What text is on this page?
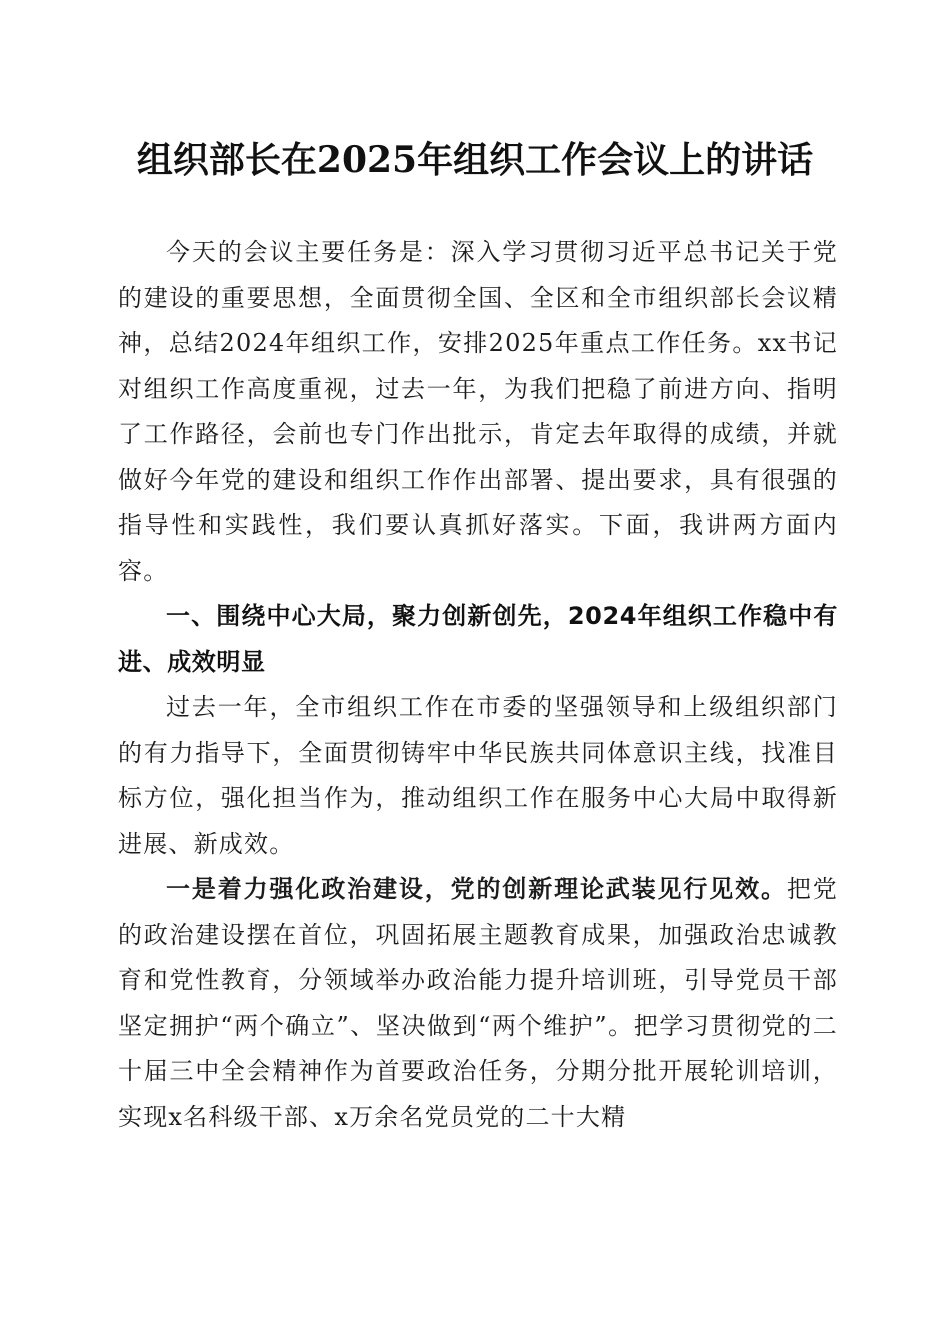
组织部长在2025年组织工作会议上的讲话

今天的会议主要任务是：深入学习贯彻习近平总书记关于党的建设的重要思想，全面贯彻全国、全区和全市组织部长会议精神，总结2024年组织工作，安排2025年重点工作任务。xx书记对组织工作高度重视，过去一年，为我们把稳了前进方向、指明了工作路径，会前也专门作出批示，肯定去年取得的成绩，并就做好今年党的建设和组织工作作出部署、提出要求，具有很强的指导性和实践性，我们要认真抓好落实。下面，我讲两方面内容。

一、围绕中心大局，聚力创新创先，2024年组织工作稳中有进、成效明显

过去一年，全市组织工作在市委的坚强领导和上级组织部门的有力指导下，全面贯彻铸牢中华民族共同体意识主线，找准目标方位，强化担当作为，推动组织工作在服务中心大局中取得新进展、新成效。

一是着力强化政治建设，党的创新理论武装见行见效。把党的政治建设摆在首位，巩固拓展主题教育成果，加强政治忠诚教育和党性教育，分领域举办政治能力提升培训班，引导党员干部坚定拥护“两个确立”、坚决做到“两个维护”。把学习贯彻党的二十届三中全会精神作为首要政治任务，分期分批开展轮训培训，实现x名科级干部、x万余名党员党的二十大精
